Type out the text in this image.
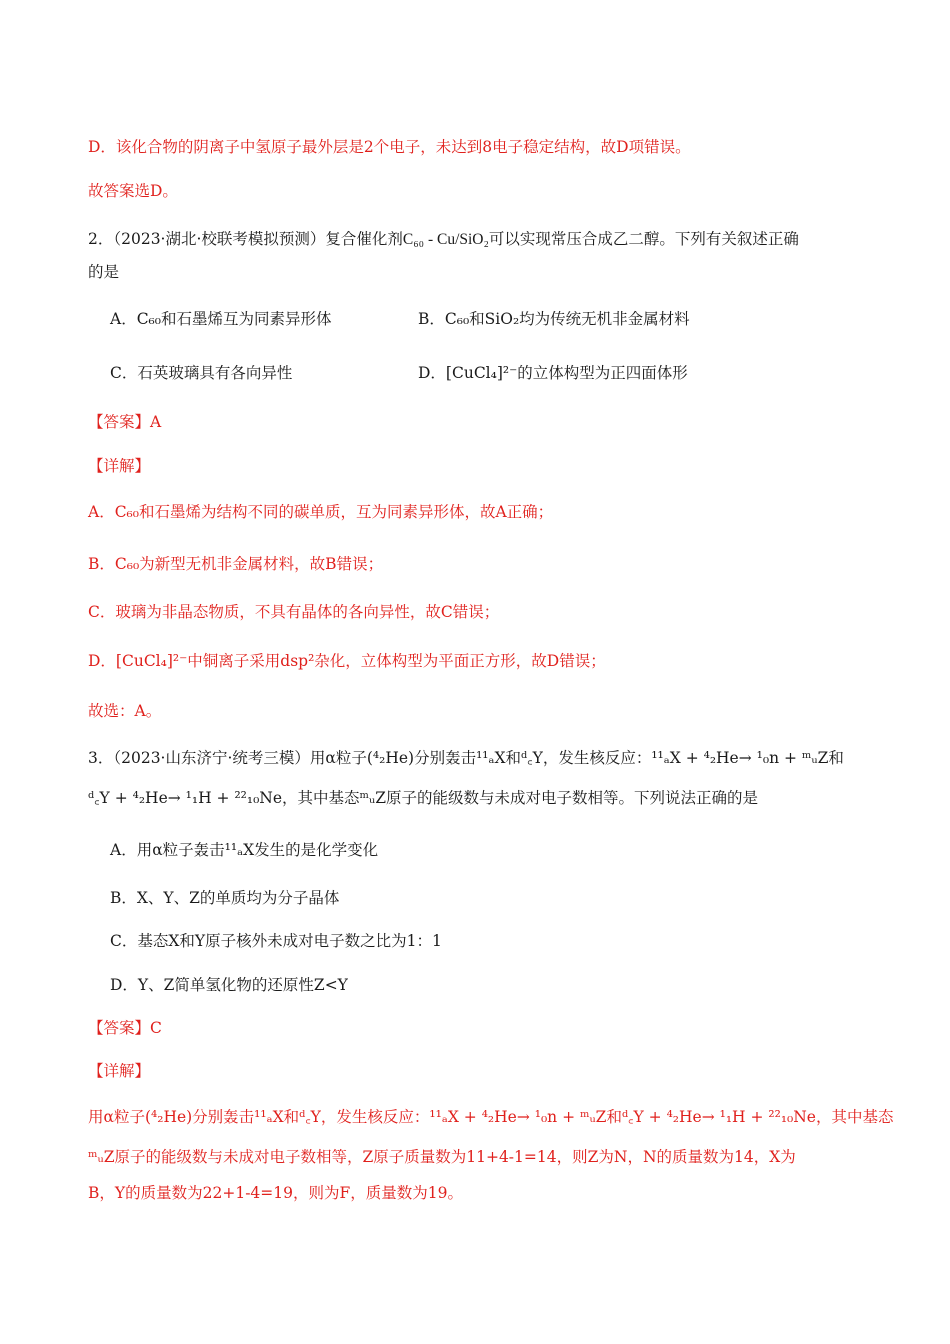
D．该化合物的阴离子中氢原子最外层是2个电子，未达到8电子稳定结构，故D项错误。
故答案选D。
2．（2023·湖北·校联考模拟预测）复合催化剂C₆₀ - Cu/SiO₂可以实现常压合成乙二醇。下列有关叙述正确
的是
A．C₆₀和石墨烯互为同素异形体	B．C₆₀和SiO₂均为传统无机非金属材料
C．石英玻璃具有各向异性	D．[CuCl₄]²⁻的立体构型为正四面体形
【答案】A
【详解】
A．C₆₀和石墨烯为结构不同的碳单质，互为同素异形体，故A正确；
B．C₆₀为新型无机非金属材料，故B错误；
C．玻璃为非晶态物质，不具有晶体的各向异性，故C错误；
D．[CuCl₄]²⁻中铜离子采用dsp²杂化，立体构型为平面正方形，故D错误；
故选：A。
3．（2023·山东济宁·统考三模）用α粒子(⁴₂He)分别轰击¹¹ₐX和ᵈ꜀Y，发生核反应：¹¹ₐX + ⁴₂He→ ¹₀n + ᵐᵤZ和
ᵈ꜀Y + ⁴₂He→ ¹₁H + ²²₁₀Ne，其中基态ᵐᵤZ原子的能级数与未成对电子数相等。下列说法正确的是
A．用α粒子轰击¹¹ₐX发生的是化学变化
B．X、Y、Z的单质均为分子晶体
C．基态X和Y原子核外未成对电子数之比为1：1
D．Y、Z简单氢化物的还原性Z<Y
【答案】C
【详解】
用α粒子(⁴₂He)分别轰击¹¹ₐX和ᵈ꜀Y，发生核反应：¹¹ₐX + ⁴₂He→ ¹₀n + ᵐᵤZ和ᵈ꜀Y + ⁴₂He→ ¹₁H + ²²₁₀Ne，其中基态
ᵐᵤZ原子的能级数与未成对电子数相等，Z原子质量数为11+4-1=14，则Z为N，N的质量数为14，X为
B，Y的质量数为22+1-4=19，则为F，质量数为19。
